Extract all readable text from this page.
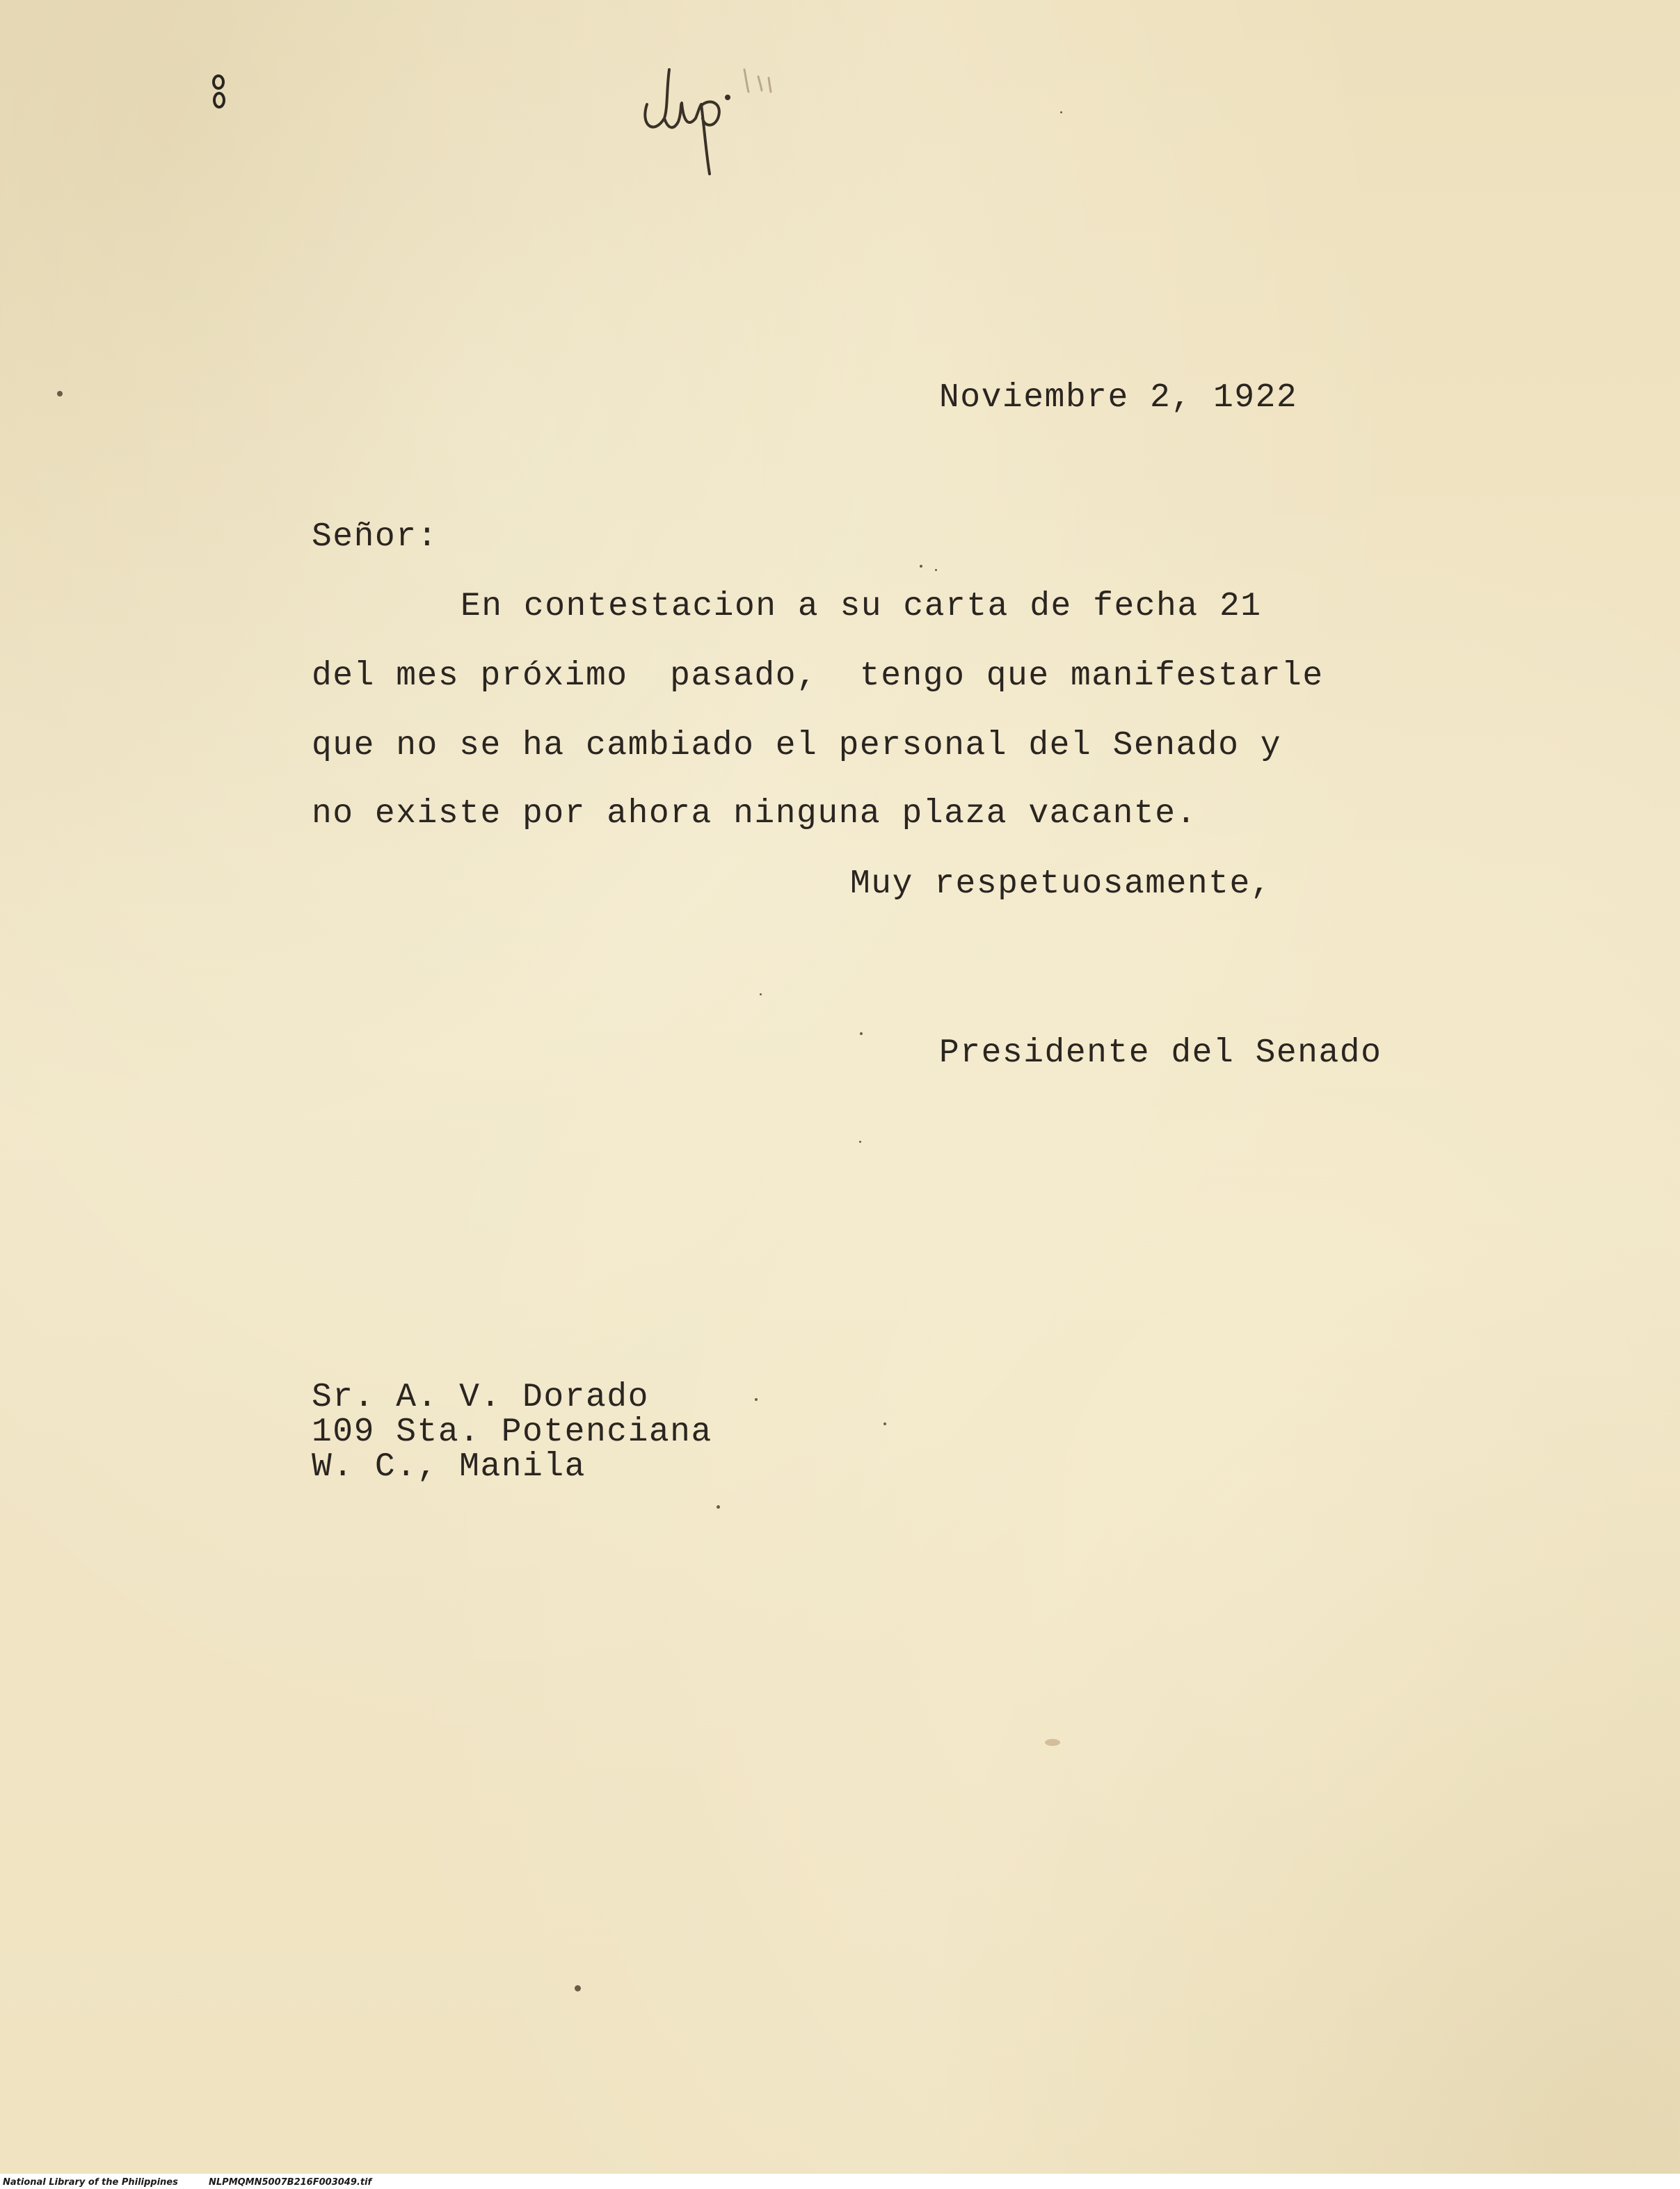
Noviembre 2, 1922
Señor:
En contestacion a su carta de fecha 21
del mes próximo  pasado,  tengo que manifestarle
que no se ha cambiado el personal del Senado y
no existe por ahora ninguna plaza vacante.
Muy respetuosamente,
Presidente del Senado
Sr. A. V. Dorado
109 Sta. Potenciana
W. C., Manila
National Library of the Philippines	NLPMQMN5007B216F003049.tif
